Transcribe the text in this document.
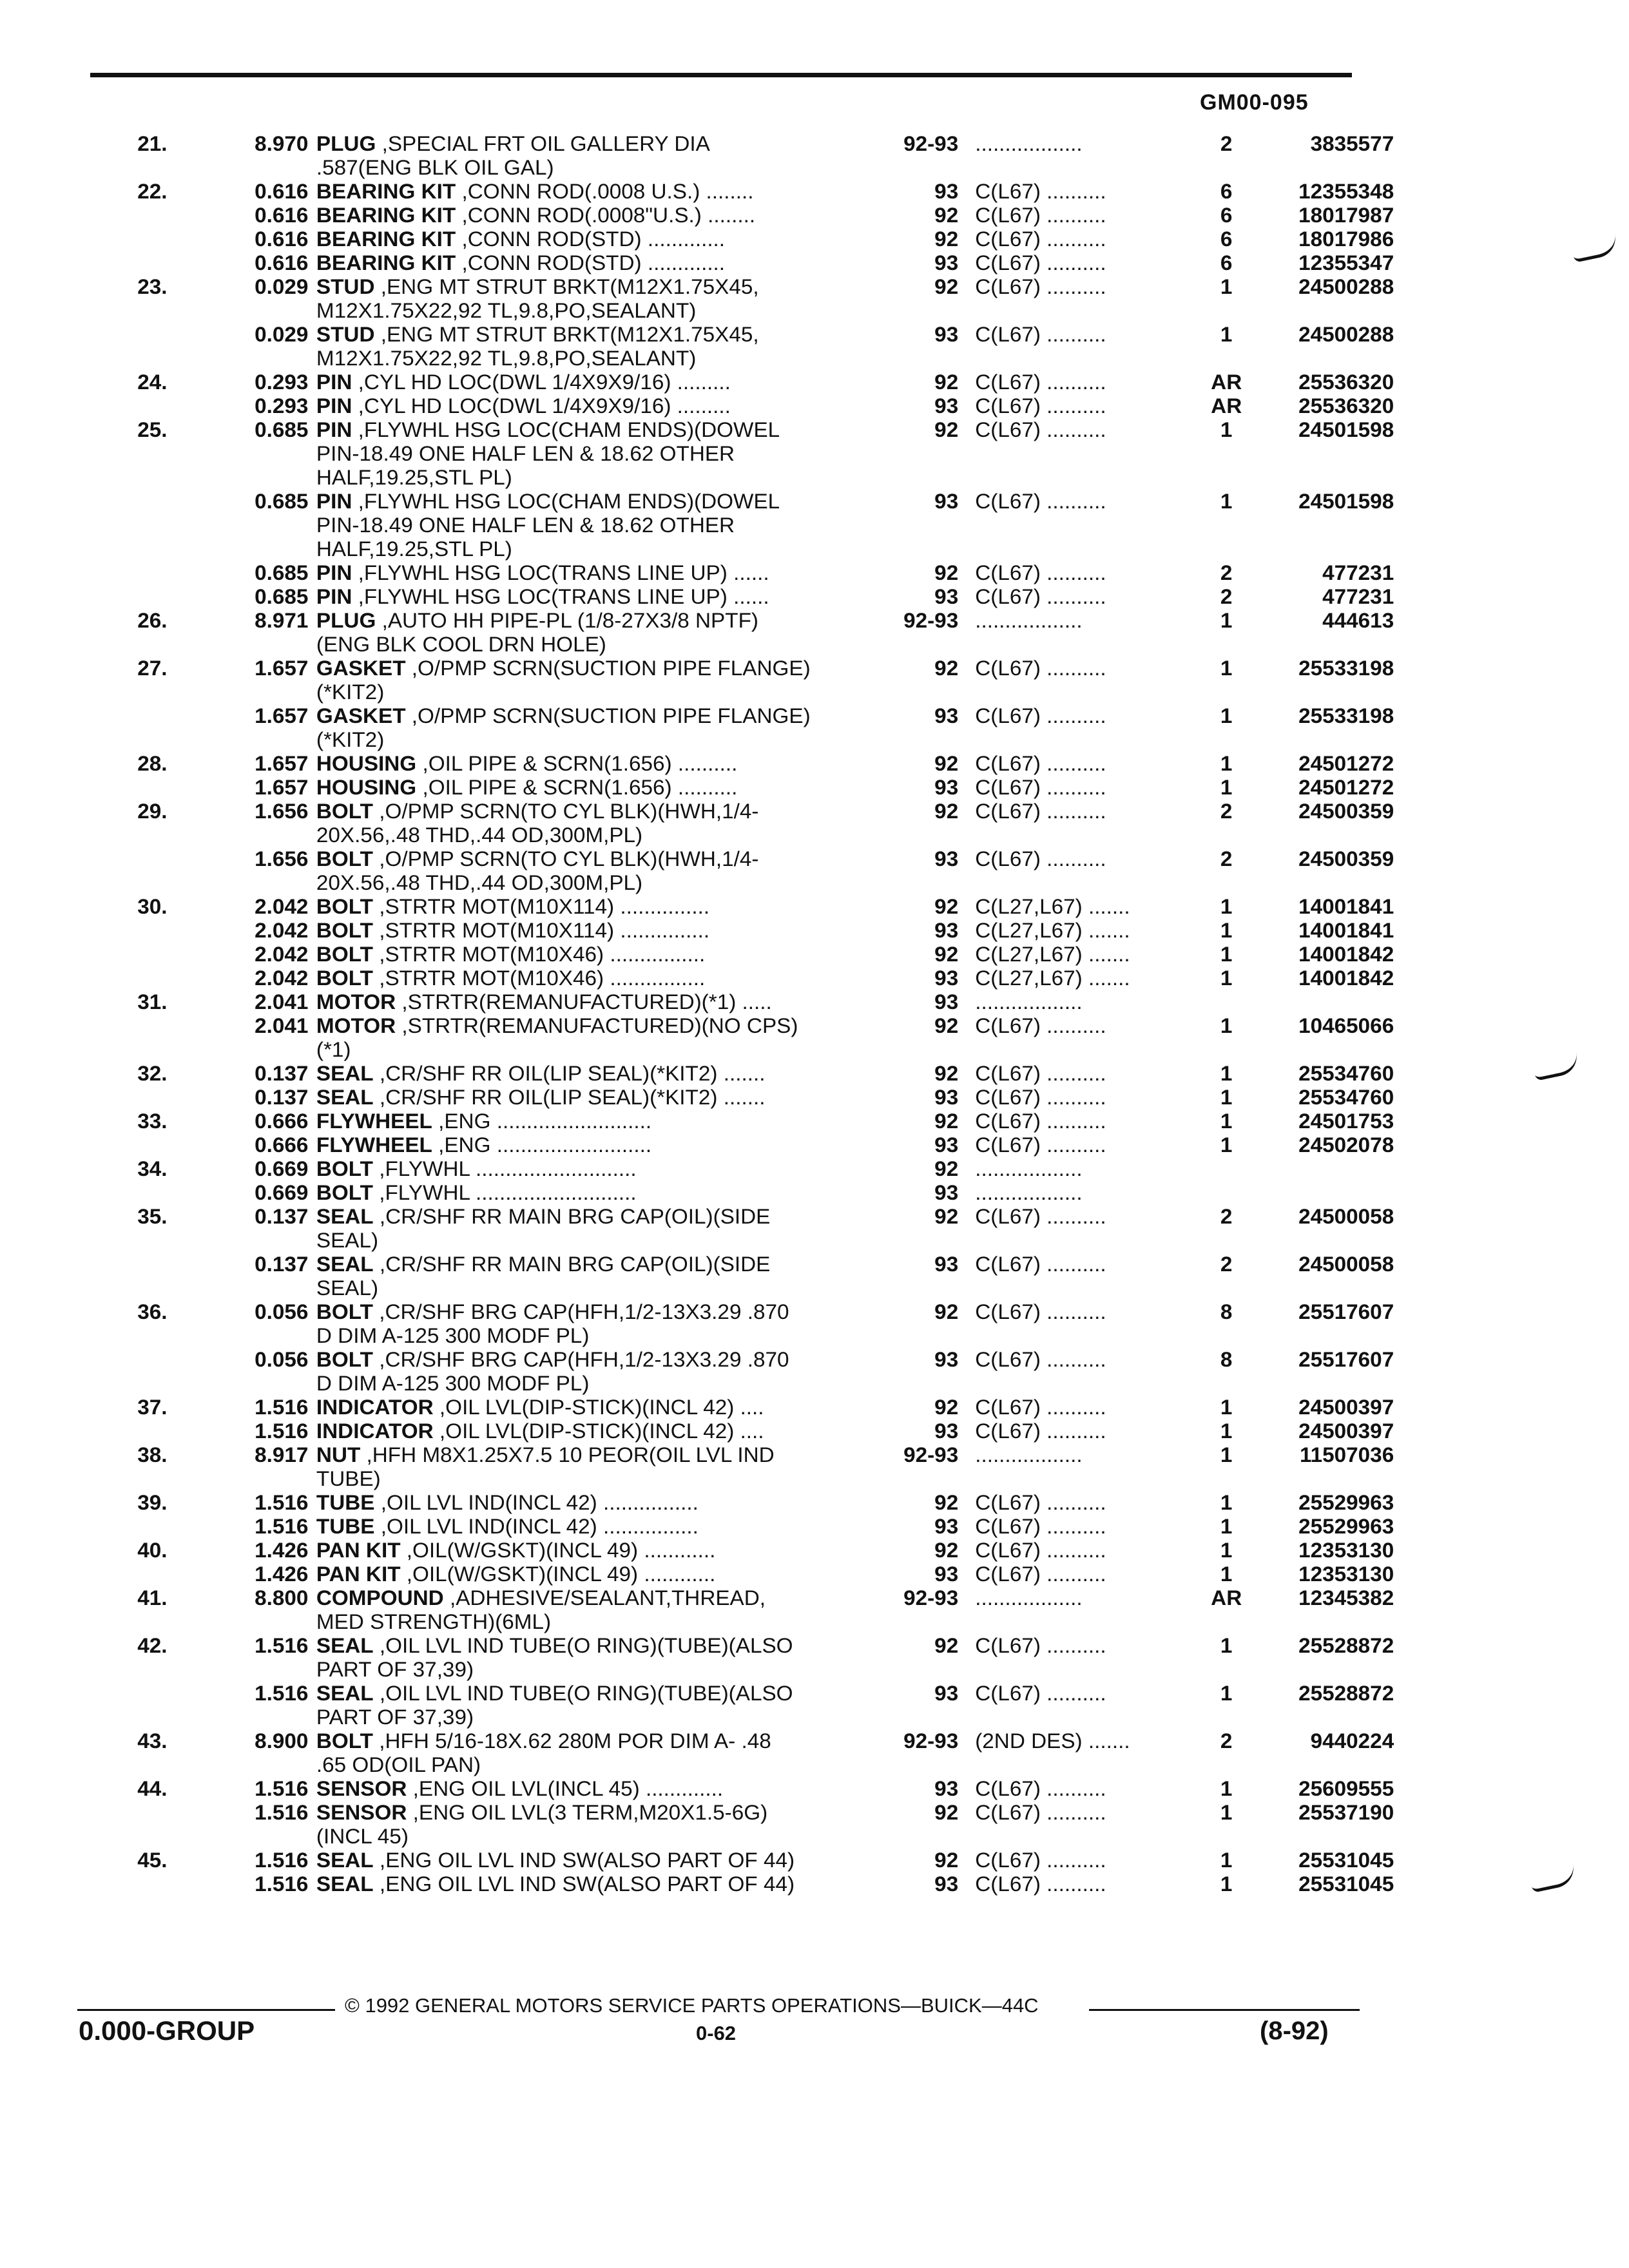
GM00-095
21.	8.970 PLUG ,SPECIAL FRT OIL GALLERY DIA	92-93 ..................	2	3835577
.587(ENG BLK OIL GAL)
22.	0.616 BEARING KIT ,CONN ROD(.0008 U.S.) ........	93 C(L67) ..........	6	12355348
0.616 BEARING KIT ,CONN ROD(.0008"U.S.) ........	92 C(L67) ..........	6	18017987
0.616 BEARING KIT ,CONN ROD(STD) .............	92 C(L67) ..........	6	18017986
0.616 BEARING KIT ,CONN ROD(STD) .............	93 C(L67) ..........	6	12355347
23.	0.029 STUD ,ENG MT STRUT BRKT(M12X1.75X45,	92 C(L67) ..........	1	24500288
M12X1.75X22,92 TL,9.8,PO,SEALANT)
0.029 STUD ,ENG MT STRUT BRKT(M12X1.75X45,	93 C(L67) ..........	1	24500288
M12X1.75X22,92 TL,9.8,PO,SEALANT)
24.	0.293 PIN ,CYL HD LOC(DWL 1/4X9X9/16) .........	92 C(L67) ..........	AR	25536320
0.293 PIN ,CYL HD LOC(DWL 1/4X9X9/16) .........	93 C(L67) ..........	AR	25536320
25.	0.685 PIN ,FLYWHL HSG LOC(CHAM ENDS)(DOWEL	92 C(L67) ..........	1	24501598
PIN-18.49 ONE HALF LEN & 18.62 OTHER
HALF,19.25,STL PL)
0.685 PIN ,FLYWHL HSG LOC(CHAM ENDS)(DOWEL	93 C(L67) ..........	1	24501598
PIN-18.49 ONE HALF LEN & 18.62 OTHER
HALF,19.25,STL PL)
0.685 PIN ,FLYWHL HSG LOC(TRANS LINE UP) ......	92 C(L67) ..........	2	477231
0.685 PIN ,FLYWHL HSG LOC(TRANS LINE UP) ......	93 C(L67) ..........	2	477231
26.	8.971 PLUG ,AUTO HH PIPE-PL (1/8-27X3/8 NPTF)	92-93 ..................	1	444613
(ENG BLK COOL DRN HOLE)
27.	1.657 GASKET ,O/PMP SCRN(SUCTION PIPE FLANGE)	92 C(L67) ..........	1	25533198
(*KIT2)
1.657 GASKET ,O/PMP SCRN(SUCTION PIPE FLANGE)	93 C(L67) ..........	1	25533198
(*KIT2)
28.	1.657 HOUSING ,OIL PIPE & SCRN(1.656) ..........	92 C(L67) ..........	1	24501272
1.657 HOUSING ,OIL PIPE & SCRN(1.656) ..........	93 C(L67) ..........	1	24501272
29.	1.656 BOLT ,O/PMP SCRN(TO CYL BLK)(HWH,1/4-	92 C(L67) ..........	2	24500359
20X.56,.48 THD,.44 OD,300M,PL)
1.656 BOLT ,O/PMP SCRN(TO CYL BLK)(HWH,1/4-	93 C(L67) ..........	2	24500359
20X.56,.48 THD,.44 OD,300M,PL)
30.	2.042 BOLT ,STRTR MOT(M10X114) ...............	92 C(L27,L67) .......	1	14001841
2.042 BOLT ,STRTR MOT(M10X114) ...............	93 C(L27,L67) .......	1	14001841
2.042 BOLT ,STRTR MOT(M10X46) ................	92 C(L27,L67) .......	1	14001842
2.042 BOLT ,STRTR MOT(M10X46) ................	93 C(L27,L67) .......	1	14001842
31.	2.041 MOTOR ,STRTR(REMANUFACTURED)(*1) .....	93 ..................
2.041 MOTOR ,STRTR(REMANUFACTURED)(NO CPS)	92 C(L67) ..........	1	10465066
(*1)
32.	0.137 SEAL ,CR/SHF RR OIL(LIP SEAL)(*KIT2) .......	92 C(L67) ..........	1	25534760
0.137 SEAL ,CR/SHF RR OIL(LIP SEAL)(*KIT2) .......	93 C(L67) ..........	1	25534760
33.	0.666 FLYWHEEL ,ENG ..........................	92 C(L67) ..........	1	24501753
0.666 FLYWHEEL ,ENG ..........................	93 C(L67) ..........	1	24502078
34.	0.669 BOLT ,FLYWHL ...........................	92 ..................
0.669 BOLT ,FLYWHL ...........................	93 ..................
35.	0.137 SEAL ,CR/SHF RR MAIN BRG CAP(OIL)(SIDE	92 C(L67) ..........	2	24500058
SEAL)
0.137 SEAL ,CR/SHF RR MAIN BRG CAP(OIL)(SIDE	93 C(L67) ..........	2	24500058
SEAL)
36.	0.056 BOLT ,CR/SHF BRG CAP(HFH,1/2-13X3.29 .870	92 C(L67) ..........	8	25517607
D DIM A-125 300 MODF PL)
0.056 BOLT ,CR/SHF BRG CAP(HFH,1/2-13X3.29 .870	93 C(L67) ..........	8	25517607
D DIM A-125 300 MODF PL)
37.	1.516 INDICATOR ,OIL LVL(DIP-STICK)(INCL 42) ....	92 C(L67) ..........	1	24500397
1.516 INDICATOR ,OIL LVL(DIP-STICK)(INCL 42) ....	93 C(L67) ..........	1	24500397
38.	8.917 NUT ,HFH M8X1.25X7.5 10 PEOR(OIL LVL IND	92-93 ..................	1	11507036
TUBE)
39.	1.516 TUBE ,OIL LVL IND(INCL 42) ................	92 C(L67) ..........	1	25529963
1.516 TUBE ,OIL LVL IND(INCL 42) ................	93 C(L67) ..........	1	25529963
40.	1.426 PAN KIT ,OIL(W/GSKT)(INCL 49) ............	92 C(L67) ..........	1	12353130
1.426 PAN KIT ,OIL(W/GSKT)(INCL 49) ............	93 C(L67) ..........	1	12353130
41.	8.800 COMPOUND ,ADHESIVE/SEALANT,THREAD,	92-93 ..................	AR	12345382
MED STRENGTH)(6ML)
42.	1.516 SEAL ,OIL LVL IND TUBE(O RING)(TUBE)(ALSO	92 C(L67) ..........	1	25528872
PART OF 37,39)
1.516 SEAL ,OIL LVL IND TUBE(O RING)(TUBE)(ALSO	93 C(L67) ..........	1	25528872
PART OF 37,39)
43.	8.900 BOLT ,HFH 5/16-18X.62 280M POR DIM A- .48	92-93 (2ND DES) .......	2	9440224
.65 OD(OIL PAN)
44.	1.516 SENSOR ,ENG OIL LVL(INCL 45) .............	93 C(L67) ..........	1	25609555
1.516 SENSOR ,ENG OIL LVL(3 TERM,M20X1.5-6G)	92 C(L67) ..........	1	25537190
(INCL 45)
45.	1.516 SEAL ,ENG OIL LVL IND SW(ALSO PART OF 44)	92 C(L67) ..........	1	25531045
1.516 SEAL ,ENG OIL LVL IND SW(ALSO PART OF 44)	93 C(L67) ..........	1	25531045
© 1992 GENERAL MOTORS SERVICE PARTS OPERATIONS—BUICK—44C
0.000-GROUP	0-62	(8-92)
